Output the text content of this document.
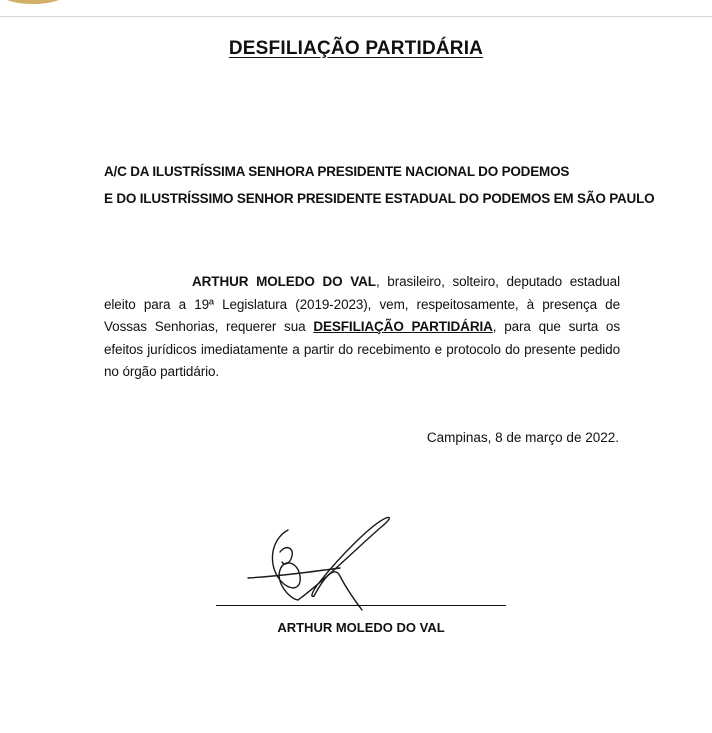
DESFILIAÇÃO PARTIDÁRIA
A/C DA ILUSTRÍSSIMA SENHORA PRESIDENTE NACIONAL DO PODEMOS
E DO ILUSTRÍSSIMO SENHOR PRESIDENTE ESTADUAL DO PODEMOS EM SÃO PAULO
ARTHUR MOLEDO DO VAL, brasileiro, solteiro, deputado estadual eleito para a 19ª Legislatura (2019-2023), vem, respeitosamente, à presença de Vossas Senhorias, requerer sua DESFILIAÇÃO PARTIDÁRIA, para que surta os efeitos jurídicos imediatamente a partir do recebimento e protocolo do presente pedido no órgão partidário.
Campinas, 8 de março de 2022.
ARTHUR MOLEDO DO VAL
